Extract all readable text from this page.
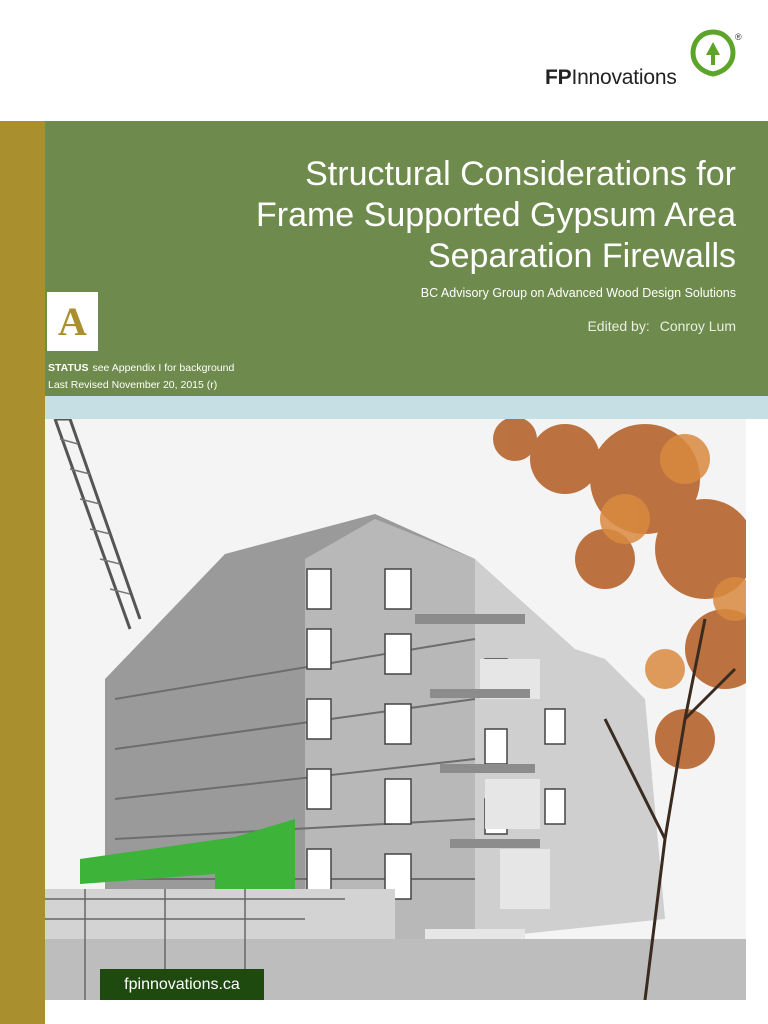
FPInnovations
®
Structural Considerations for
Frame Supported Gypsum Area
Separation Firewalls
BC Advisory Group on Advanced Wood Design Solutions
Edited by: Conroy Lum
A
STATUS see Appendix I for background
Last Revised November 20, 2015 (r)
fpinnovations.ca
